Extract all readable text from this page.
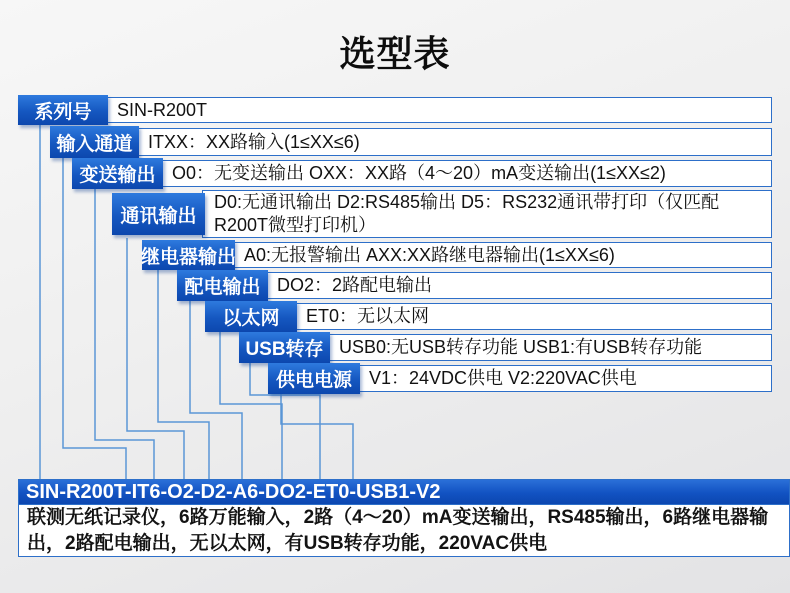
选型表
SIN-R200T
系列号
ITXX：XX路输入(1≤XX≤6)
输入通道
O0：无变送输出 OXX：XX路（4～20）mA变送输出(1≤XX≤2)
变送输出
D0:无通讯输出 D2:RS485输出 D5：RS232通讯带打印（仅匹配R200T微型打印机）
通讯输出
A0:无报警输出 AXX:XX路继电器输出(1≤XX≤6)
继电器输出
DO2：2路配电输出
配电输出
ET0：无以太网
以太网
USB0:无USB转存功能 USB1:有USB转存功能
USB转存
V1：24VDC供电 V2:220VAC供电
供电电源
SIN-R200T-IT6-O2-D2-A6-DO2-ET0-USB1-V2
联测无纸记录仪，6路万能输入，2路（4～20）mA变送输出，RS485输出，6路继电器输出，2路配电输出，无以太网，有USB转存功能，220VAC供电
